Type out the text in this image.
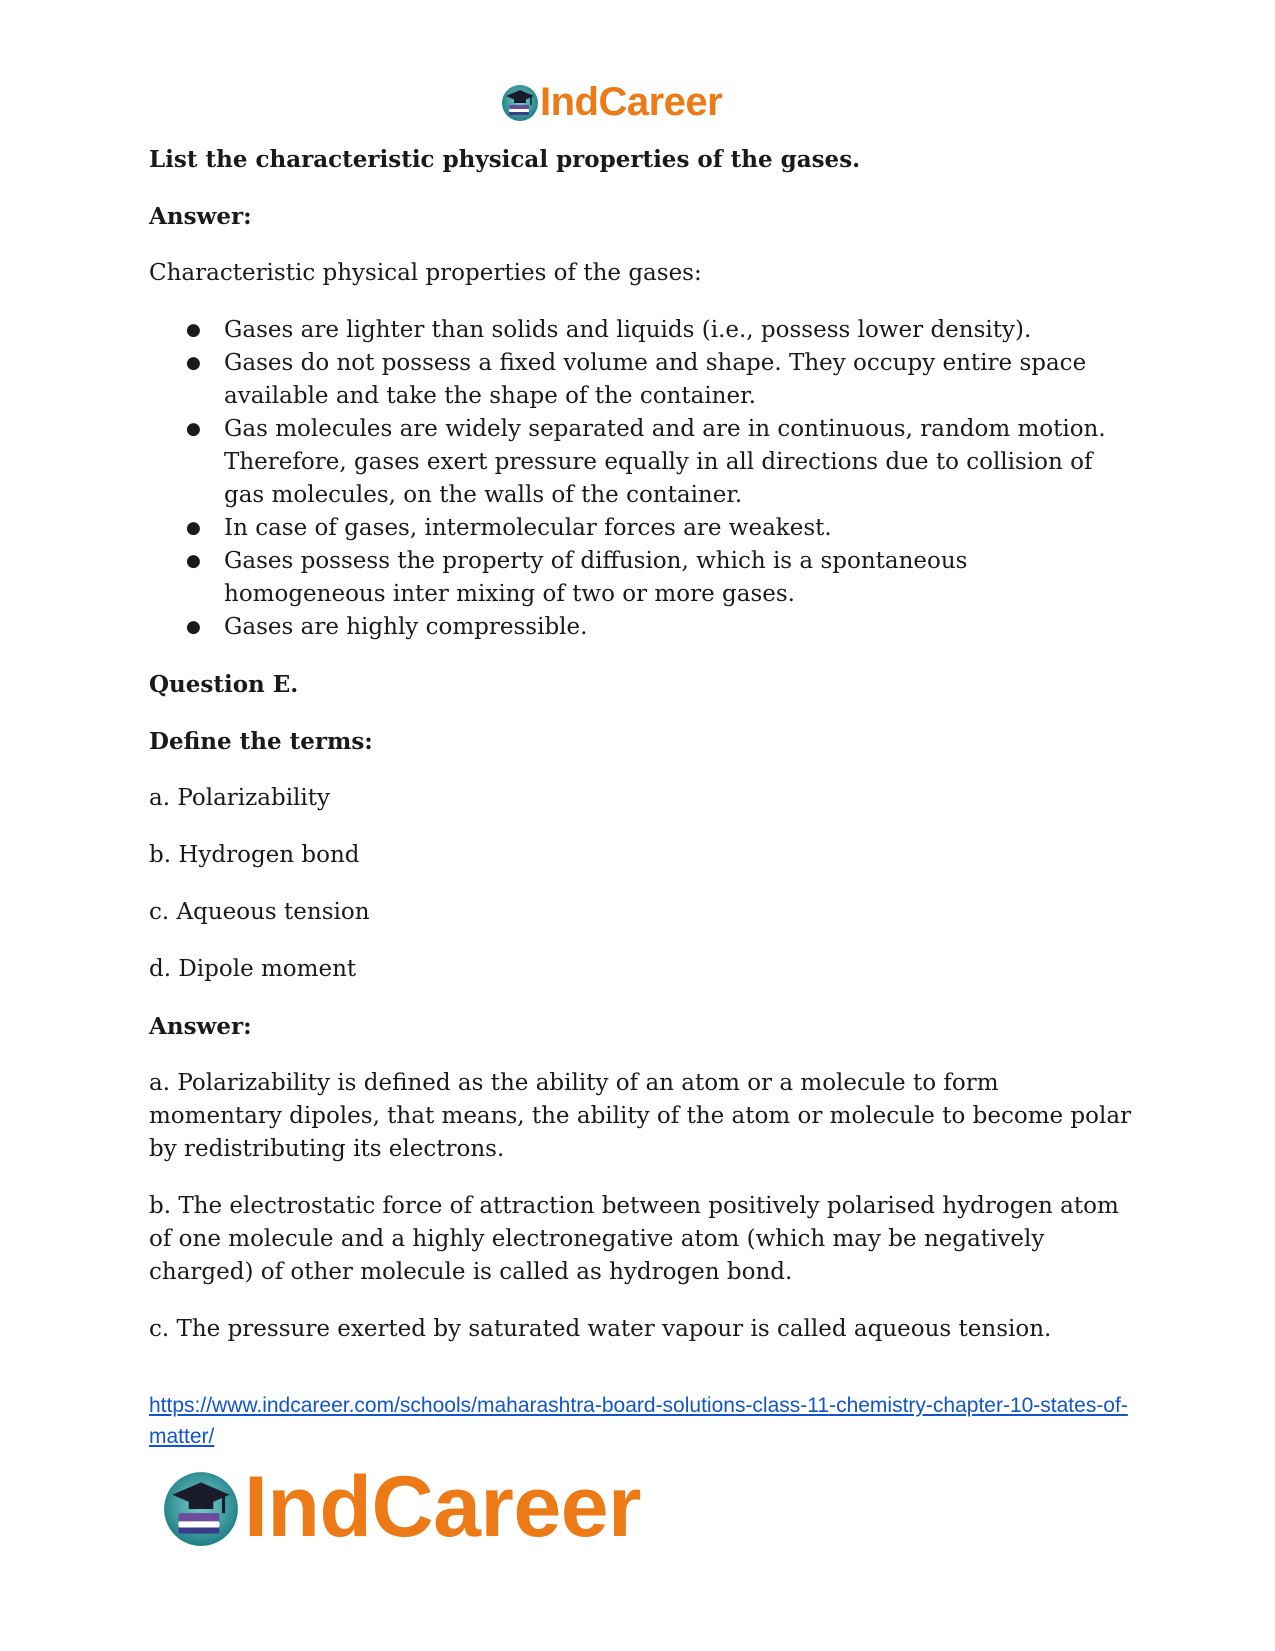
IndCareer

List the characteristic physical properties of the gases.

Answer:

Characteristic physical properties of the gases:

● Gases are lighter than solids and liquids (i.e., possess lower density).
● Gases do not possess a fixed volume and shape. They occupy entire space available and take the shape of the container.
● Gas molecules are widely separated and are in continuous, random motion. Therefore, gases exert pressure equally in all directions due to collision of gas molecules, on the walls of the container.
● In case of gases, intermolecular forces are weakest.
● Gases possess the property of diffusion, which is a spontaneous homogeneous inter mixing of two or more gases.
● Gases are highly compressible.

Question E.

Define the terms:

a. Polarizability

b. Hydrogen bond

c. Aqueous tension

d. Dipole moment

Answer:

a. Polarizability is defined as the ability of an atom or a molecule to form momentary dipoles, that means, the ability of the atom or molecule to become polar by redistributing its electrons.

b. The electrostatic force of attraction between positively polarised hydrogen atom of one molecule and a highly electronegative atom (which may be negatively charged) of other molecule is called as hydrogen bond.

c. The pressure exerted by saturated water vapour is called aqueous tension.

https://www.indcareer.com/schools/maharashtra-board-solutions-class-11-chemistry-chapter-10-states-of-matter/
IndCareer
